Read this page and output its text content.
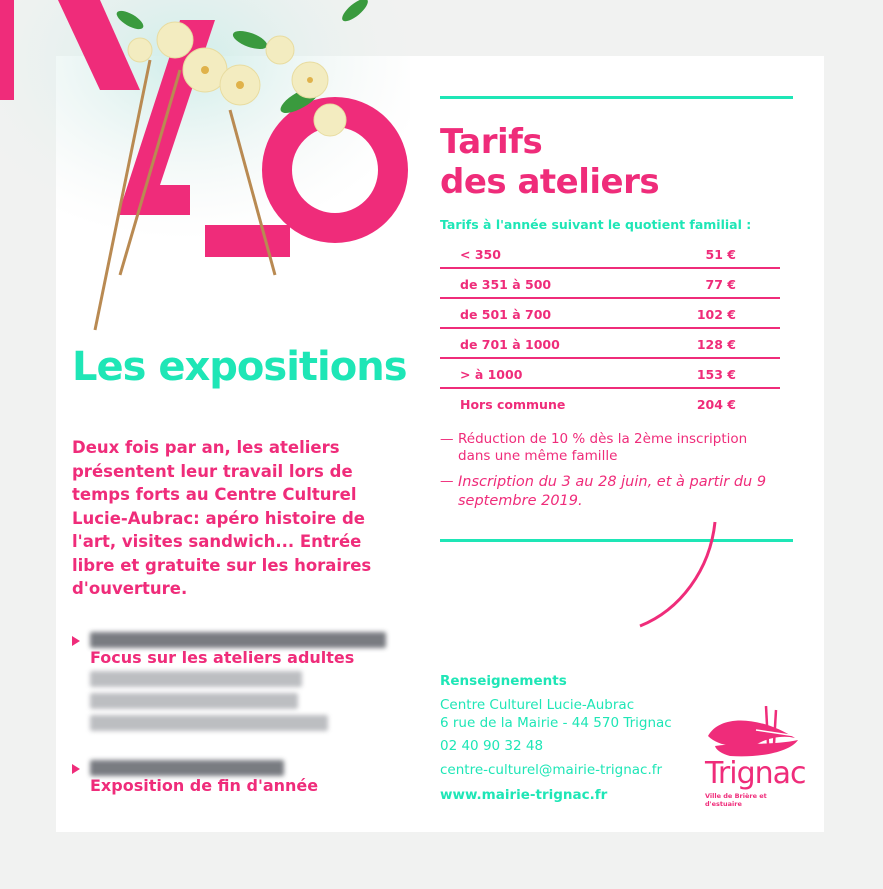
Les expositions

Deux fois par an, les ateliers présentent leur travail lors de temps forts au Centre Culturel Lucie-Aubrac: apéro histoire de l'art, visites sandwich... Entrée libre et gratuite sur les horaires d'ouverture.

Focus sur les ateliers adultes
Exposition de fin d'année
Tarifs
des ateliers

Tarifs à l'année suivant le quotient familial :

< 350	51 €
de 351 à 500	77 €
de 501 à 700	102 €
de 701 à 1000	128 €
> à 1000	153 €
Hors commune	204 €

— Réduction de 10 % dès la 2ème inscription dans une même famille

— Inscription du 3 au 28 juin, et à partir du 9 septembre 2019.

Renseignements

Centre Culturel Lucie-Aubrac

6 rue de la Mairie - 44 570 Trignac

02 40 90 32 48

centre-culturel@mairie-trignac.fr

www.mairie-trignac.fr

Trignac
Ville de Brière et d'estuaire
